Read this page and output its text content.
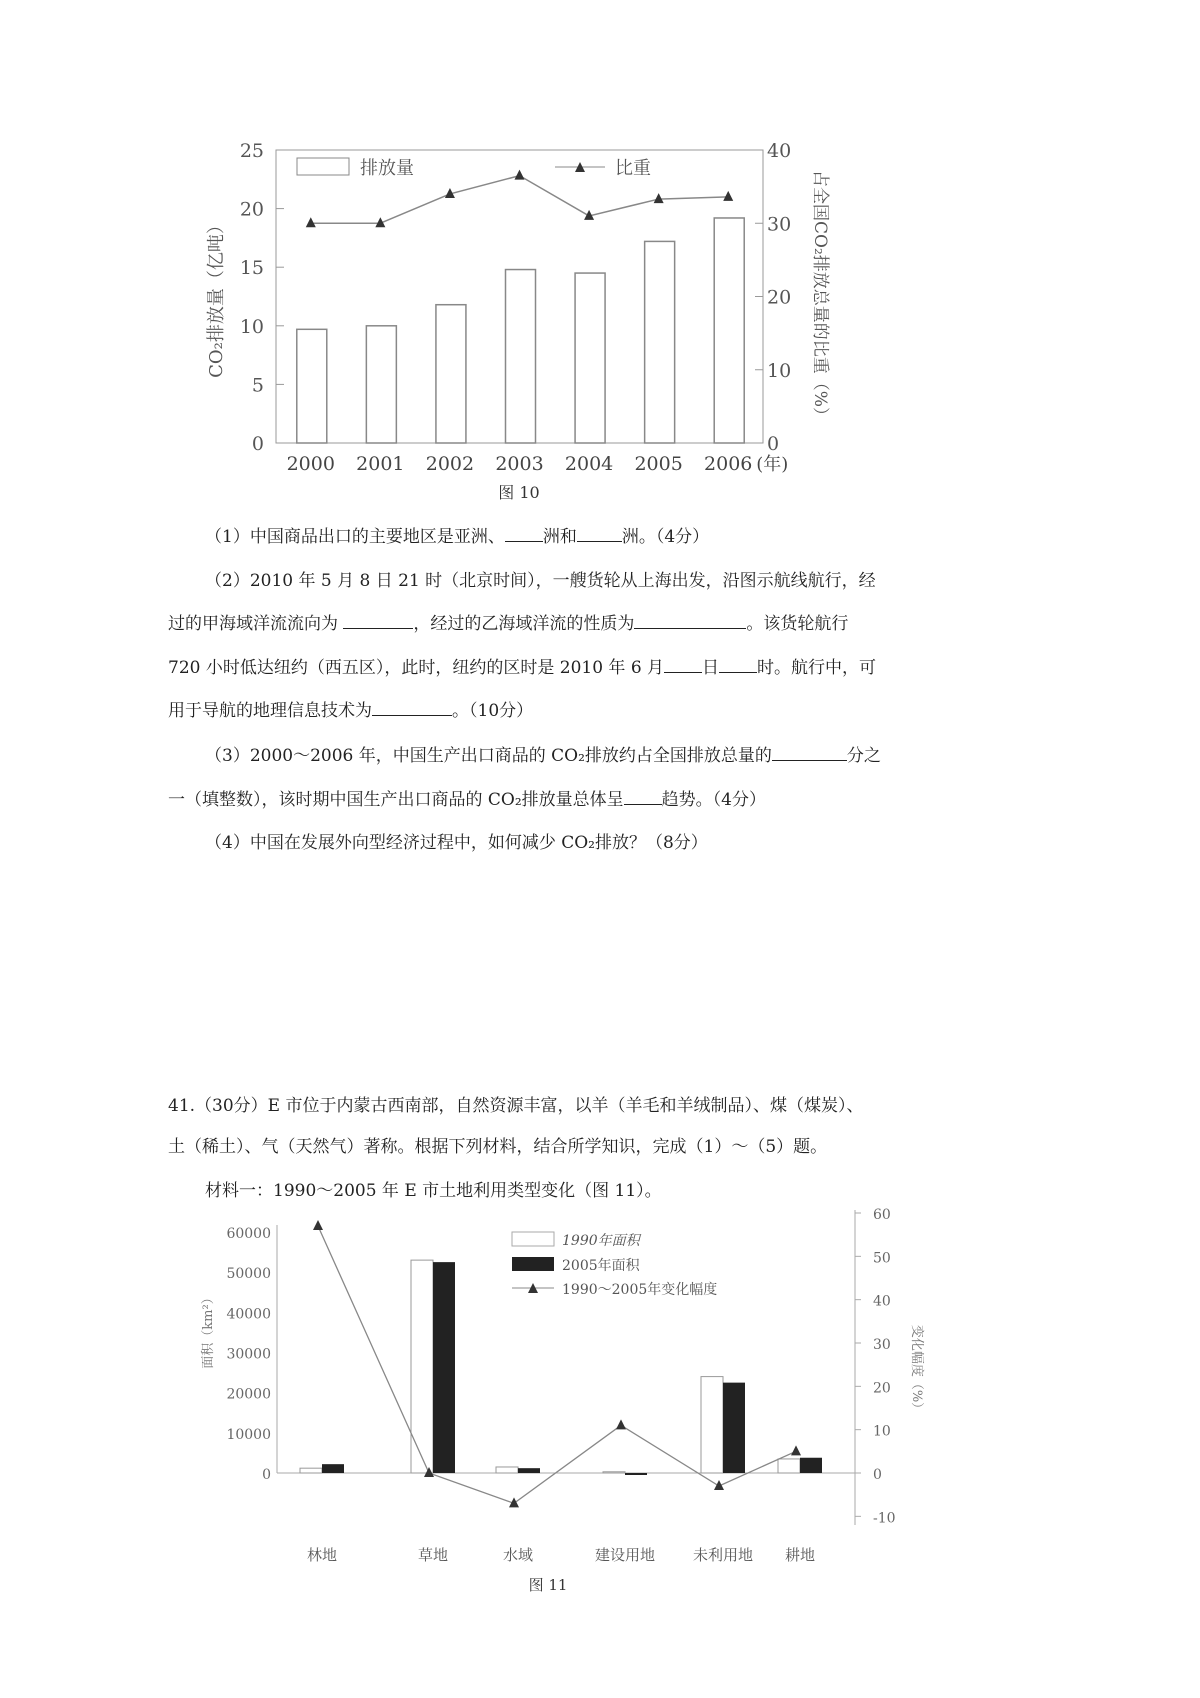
0
5
10
15
20
25
0
10
20
30
40
2000 2001 2002 2003 2004 2005 2006 (年)
排放量	比重
CO₂排放量（亿吨）	占全国CO₂排放总量的比重（%）
图 10
（1）中国商品出口的主要地区是亚洲、 洲和	洲。（4分）
（2）2010 年 5 月 8 日 21 时（北京时间），一艘货轮从上海出发，沿图示航线航行，经
过的甲海域洋流流向为	，经过的乙海域洋流的性质为	。该货轮航行
720 小时低达纽约（西五区），此时，纽约的区时是 2010 年 6 月 日 时。航行中，可
用于导航的地理信息技术为	。（10分）
（3）2000～2006 年，中国生产出口商品的 CO₂排放约占全国排放总量的	分之
一（填整数），该时期中国生产出口商品的 CO₂排放量总体呈 趋势。（4分）
（4）中国在发展外向型经济过程中，如何减少 CO₂排放？（8分）
41.（30分）E 市位于内蒙古西南部，自然资源丰富，以羊（羊毛和羊绒制品）、煤（煤炭）、
土（稀土）、气（天然气）著称。根据下列材料，结合所学知识，完成（1）～（5）题。
材料一：1990～2005 年 E 市土地利用类型变化（图 11）。
0
10000
20000
30000
40000
50000
60000
-10
0
10
20
30
40
50
60
林地	草地	水域	建设用地	未利用地 耕地
1990年面积
2005年面积
1990～2005年变化幅度
面积（km²）	变化幅度（%）
图 11
